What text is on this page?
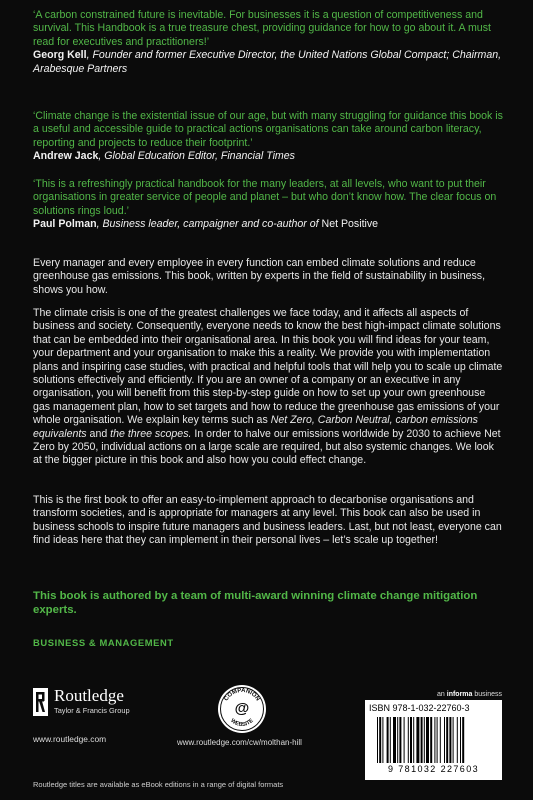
‘A carbon constrained future is inevitable. For businesses it is a question of competitiveness and survival. This Handbook is a true treasure chest, providing guidance for how to go about it. A must read for executives and practitioners!’
Georg Kell, Founder and former Executive Director, the United Nations Global Compact; Chairman, Arabesque Partners
‘Climate change is the existential issue of our age, but with many struggling for guidance this book is a useful and accessible guide to practical actions organisations can take around carbon literacy, reporting and projects to reduce their footprint.’
Andrew Jack, Global Education Editor, Financial Times
‘This is a refreshingly practical handbook for the many leaders, at all levels, who want to put their organisations in greater service of people and planet – but who don’t know how. The clear focus on solutions rings loud.’
Paul Polman, Business leader, campaigner and co-author of Net Positive
Every manager and every employee in every function can embed climate solutions and reduce greenhouse gas emissions. This book, written by experts in the field of sustainability in business, shows you how.
The climate crisis is one of the greatest challenges we face today, and it affects all aspects of business and society. Consequently, everyone needs to know the best high-impact climate solutions that can be embedded into their organisational area. In this book you will find ideas for your team, your department and your organisation to make this a reality. We provide you with implementation plans and inspiring case studies, with practical and helpful tools that will help you to scale up climate solutions effectively and efficiently. If you are an owner of a company or an executive in any organisation, you will benefit from this step-by-step guide on how to set up your own greenhouse gas management plan, how to set targets and how to reduce the greenhouse gas emissions of your whole organisation. We explain key terms such as Net Zero, Carbon Neutral, carbon emissions equivalents and the three scopes. In order to halve our emissions worldwide by 2030 to achieve Net Zero by 2050, individual actions on a large scale are required, but also systemic changes. We look at the bigger picture in this book and also how you could effect change.
This is the first book to offer an easy-to-implement approach to decarbonise organisations and transform societies, and is appropriate for managers at any level. This book can also be used in business schools to inspire future managers and business leaders. Last, but not least, everyone can find ideas here that they can implement in their personal lives – let’s scale up together!
This book is authored by a team of multi-award winning climate change mitigation experts.
BUSINESS & MANAGEMENT
Routledge
Taylor & Francis Group
www.routledge.com
COMPANION
@
WEBSITE
www.routledge.com/cw/molthan-hill
an informa business
ISBN 978-1-032-22760-3
9 781032 227603
Routledge titles are available as eBook editions in a range of digital formats
